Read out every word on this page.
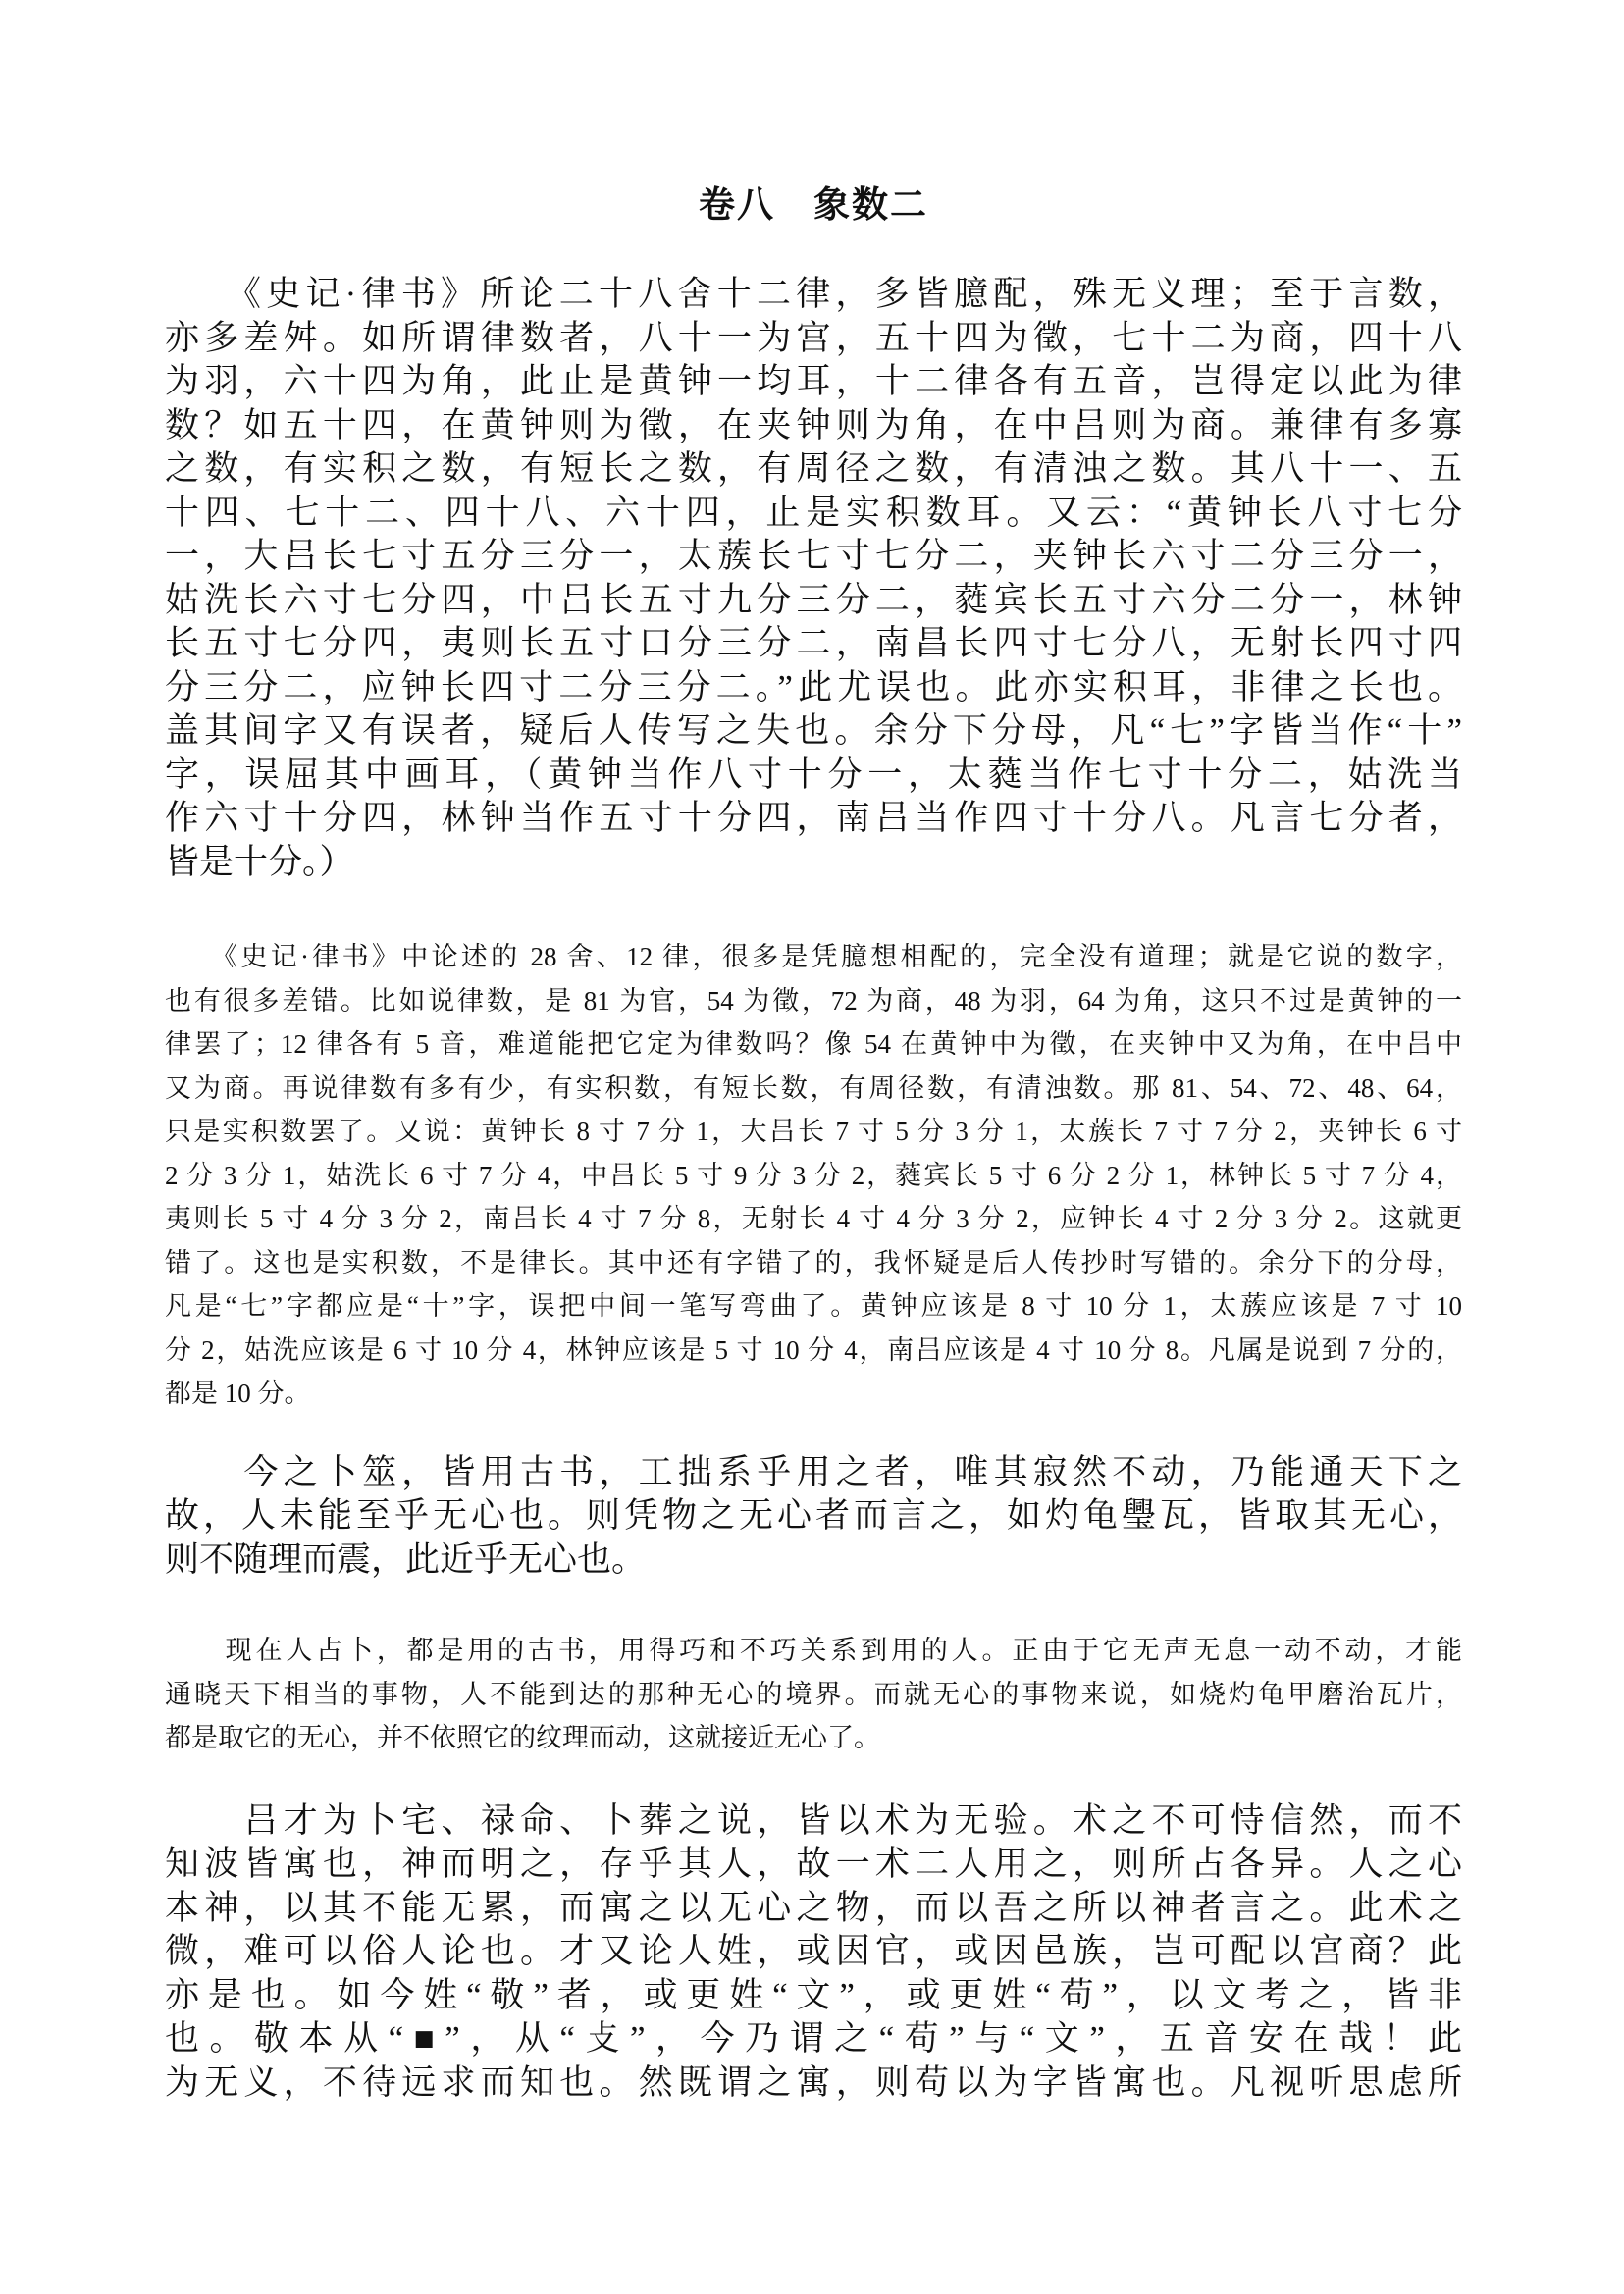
卷八　象数二
　　《史记·律书》所论二十八舍十二律，多皆臆配，殊无义理；至于言数，
亦多差舛。如所谓律数者，八十一为宫，五十四为徵，七十二为商，四十八
为羽，六十四为角，此止是黄钟一均耳，十二律各有五音，岂得定以此为律
数？如五十四，在黄钟则为徵，在夹钟则为角，在中吕则为商。兼律有多寡
之数，有实积之数，有短长之数，有周径之数，有清浊之数。其八十一、五
十四、七十二、四十八、六十四，止是实积数耳。又云：“黄钟长八寸七分
一，大吕长七寸五分三分一，太蔟长七寸七分二，夹钟长六寸二分三分一，
姑洗长六寸七分四，中吕长五寸九分三分二，蕤宾长五寸六分二分一，林钟
长五寸七分四，夷则长五寸口分三分二，南昌长四寸七分八，无射长四寸四
分三分二，应钟长四寸二分三分二。”此尤误也。此亦实积耳，非律之长也。
盖其间字又有误者，疑后人传写之失也。余分下分母，凡“七”字皆当作“十”
字，误屈其中画耳，（黄钟当作八寸十分一，太蕤当作七寸十分二，姑洗当
作六寸十分四，林钟当作五寸十分四，南吕当作四寸十分八。凡言七分者，
皆是十分。）
　　《史记·律书》中论述的 28 舍、12 律，很多是凭臆想相配的，完全没有道理；就是它说的数字，
也有很多差错。比如说律数，是 81 为官，54 为徵，72 为商，48 为羽，64 为角，这只不过是黄钟的一
律罢了；12 律各有 5 音，难道能把它定为律数吗？像 54 在黄钟中为徵，在夹钟中又为角，在中吕中
又为商。再说律数有多有少，有实积数，有短长数，有周径数，有清浊数。那 81、54、72、48、64，
只是实积数罢了。又说：黄钟长 8 寸 7 分 1，大吕长 7 寸 5 分 3 分 1，太蔟长 7 寸 7 分 2，夹钟长 6 寸
2 分 3 分 1，姑洗长 6 寸 7 分 4，中吕长 5 寸 9 分 3 分 2，蕤宾长 5 寸 6 分 2 分 1，林钟长 5 寸 7 分 4，
夷则长 5 寸 4 分 3 分 2，南吕长 4 寸 7 分 8，无射长 4 寸 4 分 3 分 2，应钟长 4 寸 2 分 3 分 2。这就更
错了。这也是实积数，不是律长。其中还有字错了的，我怀疑是后人传抄时写错的。余分下的分母，
凡是“七”字都应是“十”字，误把中间一笔写弯曲了。黄钟应该是 8 寸 10 分 1，太蔟应该是 7 寸 10
分 2，姑洗应该是 6 寸 10 分 4，林钟应该是 5 寸 10 分 4，南吕应该是 4 寸 10 分 8。凡属是说到 7 分的，
都是 10 分。
　　今之卜筮，皆用古书，工拙系乎用之者，唯其寂然不动，乃能通天下之
故，人未能至乎无心也。则凭物之无心者而言之，如灼龟璺瓦，皆取其无心，
则不随理而震，此近乎无心也。
　　现在人占卜，都是用的古书，用得巧和不巧关系到用的人。正由于它无声无息一动不动，才能
通晓天下相当的事物，人不能到达的那种无心的境界。而就无心的事物来说，如烧灼龟甲磨治瓦片，
都是取它的无心，并不依照它的纹理而动，这就接近无心了。
　　吕才为卜宅、禄命、卜葬之说，皆以术为无验。术之不可恃信然，而不
知波皆寓也，神而明之，存乎其人，故一术二人用之，则所占各异。人之心
本神，以其不能无累，而寓之以无心之物，而以吾之所以神者言之。此术之
微，难可以俗人论也。才又论人姓，或因官，或因邑族，岂可配以宫商？此
亦是也。如今姓“敬”者，或更姓“文”，或更姓“苟”，以文考之，皆非
也。敬本从“■”，从“攴”，今乃谓之“苟”与“文”，五音安在哉！此
为无义，不待远求而知也。然既谓之寓，则苟以为字皆寓也。凡视听思虑所
